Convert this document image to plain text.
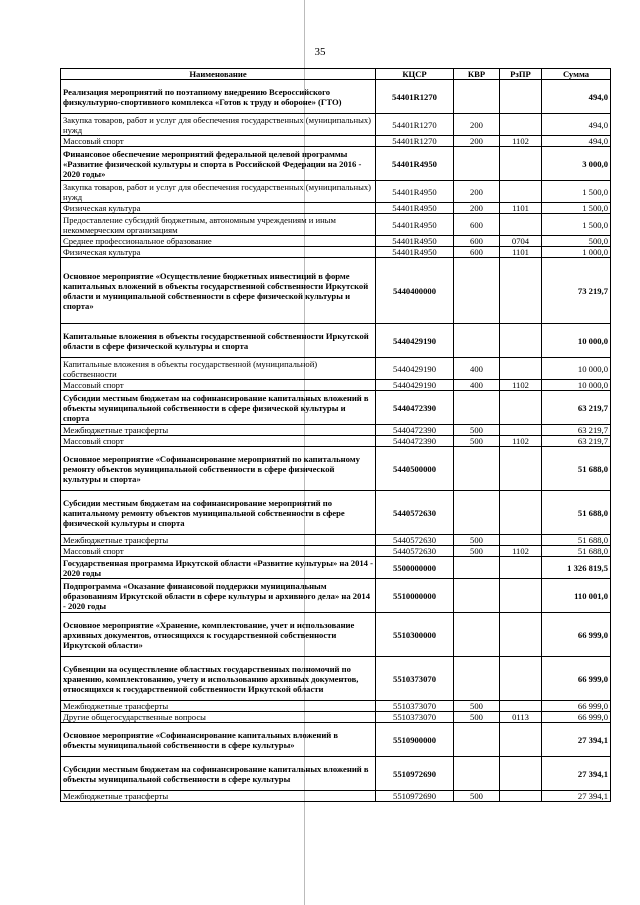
35
Наименование	КЦСР	КВР	РзПР	Сумма
Реализация мероприятий по поэтапному внедрению Всероссийского физкультурно-спортивного комплекса «Готов к труду и обороне» (ГТО)	54401R1270			494,0
Закупка товаров, работ и услуг для обеспечения государственных (муниципальных) нужд	54401R1270	200		494,0
Массовый спорт	54401R1270	200	1102	494,0
Финансовое обеспечение мероприятий федеральной целевой программы «Развитие физической культуры и спорта в Российской Федерации на 2016 - 2020 годы»	54401R4950			3 000,0
Закупка товаров, работ и услуг для обеспечения государственных (муниципальных) нужд	54401R4950	200		1 500,0
Физическая культура	54401R4950	200	1101	1 500,0
Предоставление субсидий бюджетным, автономным учреждениям и иным некоммерческим организациям	54401R4950	600		1 500,0
Среднее профессиональное образование	54401R4950	600	0704	500,0
Физическая культура	54401R4950	600	1101	1 000,0
Основное мероприятие «Осуществление бюджетных инвестиций в форме капитальных вложений в объекты государственной собственности Иркутской области и муниципальной собственности в сфере физической культуры и спорта»	5440400000			73 219,7
Капитальные вложения в объекты государственной собственности Иркутской области в сфере физической культуры и спорта	5440429190			10 000,0
Капитальные вложения в объекты государственной (муниципальной) собственности	5440429190	400		10 000,0
Массовый спорт	5440429190	400	1102	10 000,0
Субсидии местным бюджетам на софинансирование капитальных вложений в объекты муниципальной собственности в сфере физической культуры и спорта	5440472390			63 219,7
Межбюджетные трансферты	5440472390	500		63 219,7
Массовый спорт	5440472390	500	1102	63 219,7
Основное мероприятие «Софинансирование мероприятий по капитальному ремонту объектов муниципальной собственности в сфере физической культуры и спорта»	5440500000			51 688,0
Субсидии местным бюджетам на софинансирование мероприятий по капитальному ремонту объектов муниципальной собственности в сфере физической культуры и спорта	5440572630			51 688,0
Межбюджетные трансферты	5440572630	500		51 688,0
Массовый спорт	5440572630	500	1102	51 688,0
Государственная программа Иркутской области «Развитие культуры» на 2014 - 2020 годы	5500000000			1 326 819,5
Подпрограмма «Оказание финансовой поддержки муниципальным образованиям Иркутской области в сфере культуры и архивного дела» на 2014 - 2020 годы	5510000000			110 001,0
Основное мероприятие «Хранение, комплектование, учет и использование архивных документов, относящихся к государственной собственности Иркутской области»	5510300000			66 999,0
Субвенции на осуществление областных государственных полномочий по хранению, комплектованию, учету и использованию архивных документов, относящихся к государственной собственности Иркутской области	5510373070			66 999,0
Межбюджетные трансферты	5510373070	500		66 999,0
Другие общегосударственные вопросы	5510373070	500	0113	66 999,0
Основное мероприятие «Софинансирование капитальных вложений в объекты муниципальной собственности в сфере культуры»	5510900000			27 394,1
Субсидии местным бюджетам на софинансирование капитальных вложений в объекты муниципальной собственности в сфере культуры	5510972690			27 394,1
Межбюджетные трансферты	5510972690	500		27 394,1
